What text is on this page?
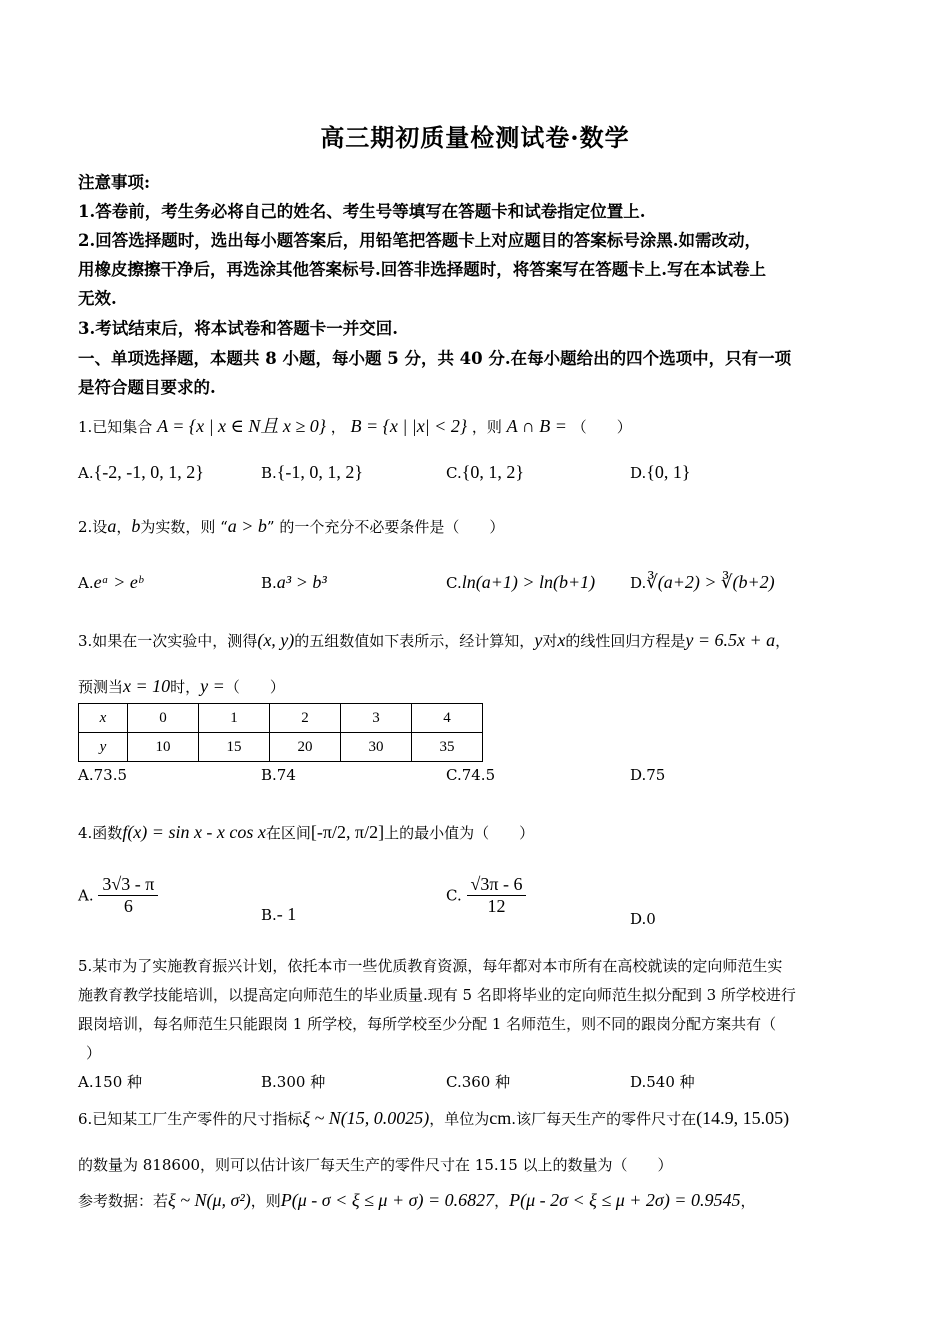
高三期初质量检测试卷·数学
注意事项:
1.答卷前，考生务必将自己的姓名、考生号等填写在答题卡和试卷指定位置上.
2.回答选择题时，选出每小题答案后，用铅笔把答题卡上对应题目的答案标号涂黑.如需改动，
用橡皮擦擦干净后，再选涂其他答案标号.回答非选择题时，将答案写在答题卡上.写在本试卷上
无效.
3.考试结束后，将本试卷和答题卡一并交回.
一、单项选择题，本题共 8 小题，每小题 5 分，共 40 分.在每小题给出的四个选项中，只有一项
是符合题目要求的.
1.已知集合 A = {x | x ∈ N且 x ≥ 0} ， B = {x | |x| < 2} ，则 A ∩ B = （　　）
A.{-2, -1, 0, 1, 2}	B.{-1, 0, 1, 2}	C.{0, 1, 2}	D.{0, 1}
2.设a，b为实数，则 “a > b” 的一个充分不必要条件是（　　）
A.eᵃ > eᵇ	B.a³ > b³	C.ln(a+1) > ln(b+1) D.∛(a+2) > ∛(b+2)
3.如果在一次实验中，测得(x, y)的五组数值如下表所示，经计算知，y对x的线性回归方程是y = 6.5x + a，
预测当x = 10时，y =（　　）
x	0	1	2	3	4
y	10	15	20	30	35
A.73.5	B.74	C.74.5	D.75
4.函数f(x) = sin x - x cos x在区间[-π/2, π/2]上的最小值为（　　）
A. $\frac{3√3 - \pi}{6}$	B.- 1
C. $\frac{√3\pi - 6}{12}$
D.0
5.某市为了实施教育振兴计划，依托本市一些优质教育资源，每年都对本市所有在高校就读的定向师范生实
施教育教学技能培训，以提高定向师范生的毕业质量.现有 5 名即将毕业的定向师范生拟分配到 3 所学校进行
跟岗培训，每名师范生只能跟岗 1 所学校，每所学校至少分配 1 名师范生，则不同的跟岗分配方案共有（
）
A.150 种	B.300 种	C.360 种	D.540 种
6.已知某工厂生产零件的尺寸指标ξ ~ N(15, 0.0025)，单位为cm.该厂每天生产的零件尺寸在(14.9, 15.05)
的数量为 818600，则可以估计该厂每天生产的零件尺寸在 15.15 以上的数量为（　　）
参考数据：若ξ ~ N(μ, σ²)，则P(μ - σ < ξ ≤ μ + σ) = 0.6827，P(μ - 2σ < ξ ≤ μ + 2σ) = 0.9545，
